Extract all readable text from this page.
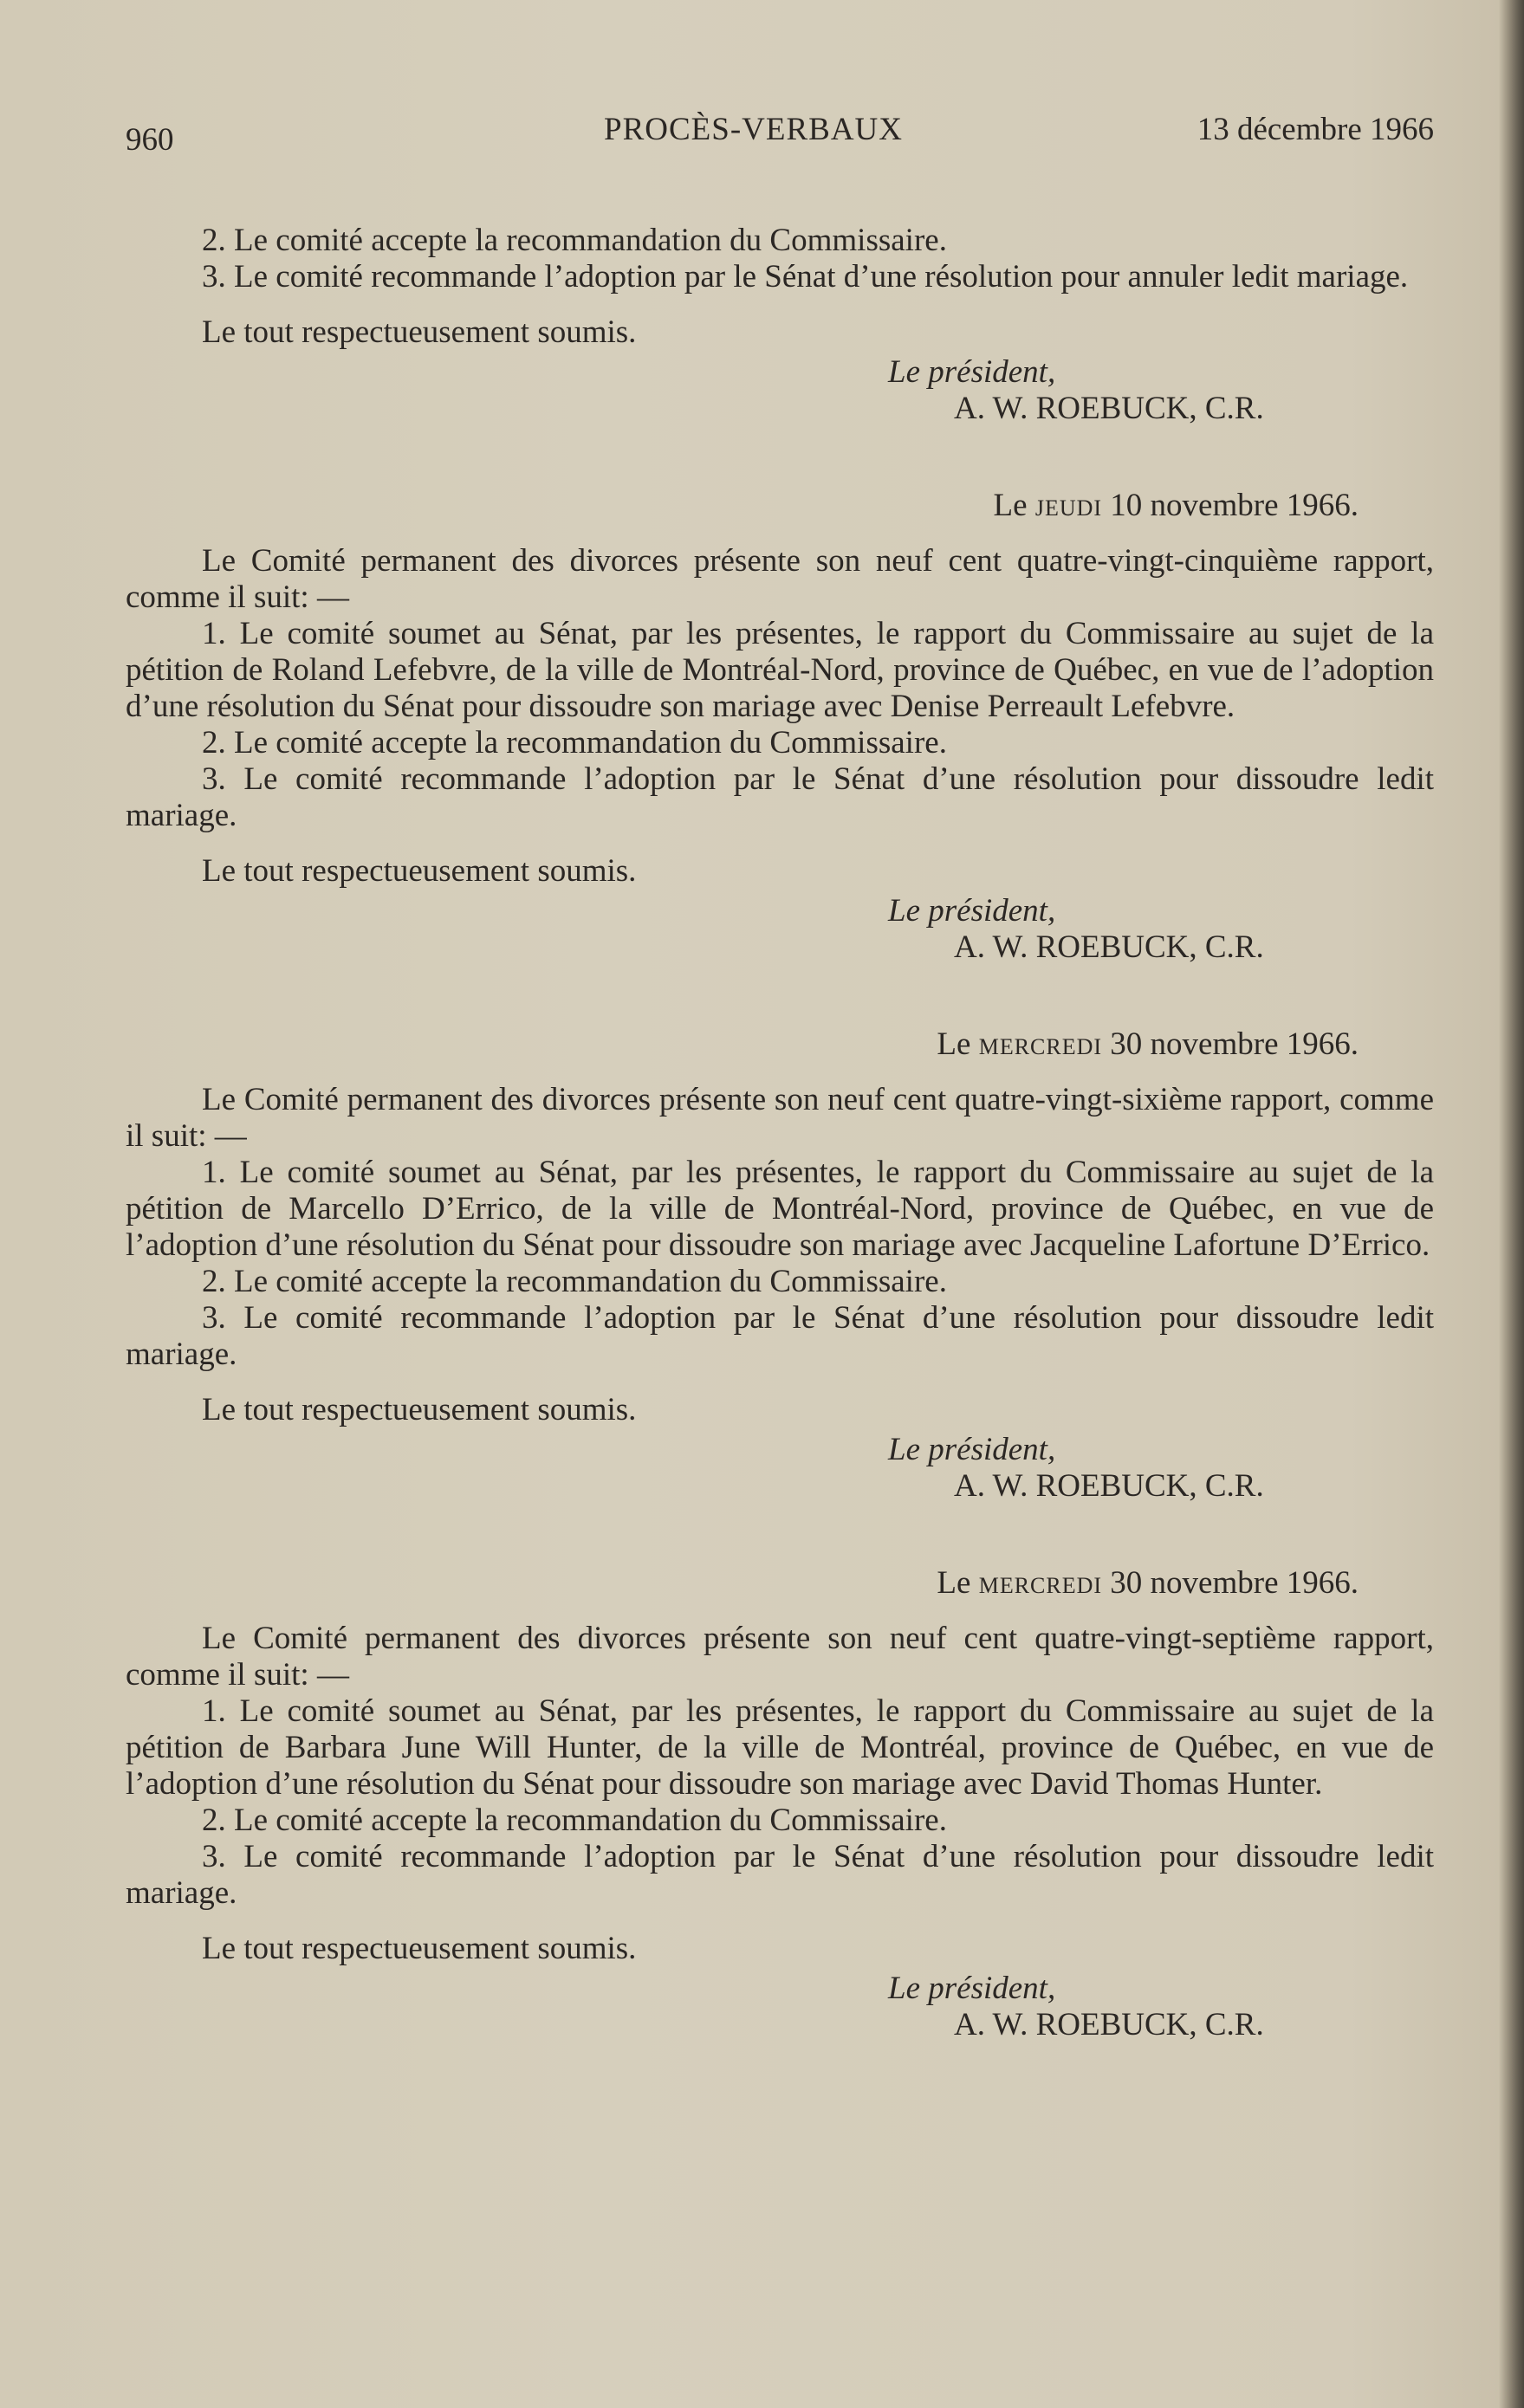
960	PROCÈS-VERBAUX	13 décembre 1966

2. Le comité accepte la recommandation du Commissaire.

3. Le comité recommande l’adoption par le Sénat d’une résolution pour annuler ledit mariage.

Le tout respectueusement soumis.

Le président,

A. W. ROEBUCK, C.R.

Le jeudi 10 novembre 1966.

Le Comité permanent des divorces présente son neuf cent quatre-vingt-cinquième rapport, comme il suit: —

1. Le comité soumet au Sénat, par les présentes, le rapport du Commissaire au sujet de la pétition de Roland Lefebvre, de la ville de Montréal-Nord, province de Québec, en vue de l’adoption d’une résolution du Sénat pour dissoudre son mariage avec Denise Perreault Lefebvre.

2. Le comité accepte la recommandation du Commissaire.

3. Le comité recommande l’adoption par le Sénat d’une résolution pour dissoudre ledit mariage.

Le tout respectueusement soumis.

Le président,

A. W. ROEBUCK, C.R.

Le mercredi 30 novembre 1966.

Le Comité permanent des divorces présente son neuf cent quatre-vingt-sixième rapport, comme il suit: —

1. Le comité soumet au Sénat, par les présentes, le rapport du Commissaire au sujet de la pétition de Marcello D’Errico, de la ville de Montréal-Nord, province de Québec, en vue de l’adoption d’une résolution du Sénat pour dissoudre son mariage avec Jacqueline Lafortune D’Errico.

2. Le comité accepte la recommandation du Commissaire.

3. Le comité recommande l’adoption par le Sénat d’une résolution pour dissoudre ledit mariage.

Le tout respectueusement soumis.

Le président,

A. W. ROEBUCK, C.R.

Le mercredi 30 novembre 1966.

Le Comité permanent des divorces présente son neuf cent quatre-vingt-septième rapport, comme il suit: —

1. Le comité soumet au Sénat, par les présentes, le rapport du Commissaire au sujet de la pétition de Barbara June Will Hunter, de la ville de Montréal, province de Québec, en vue de l’adoption d’une résolution du Sénat pour dissoudre son mariage avec David Thomas Hunter.

2. Le comité accepte la recommandation du Commissaire.

3. Le comité recommande l’adoption par le Sénat d’une résolution pour dissoudre ledit mariage.

Le tout respectueusement soumis.

Le président,

A. W. ROEBUCK, C.R.
